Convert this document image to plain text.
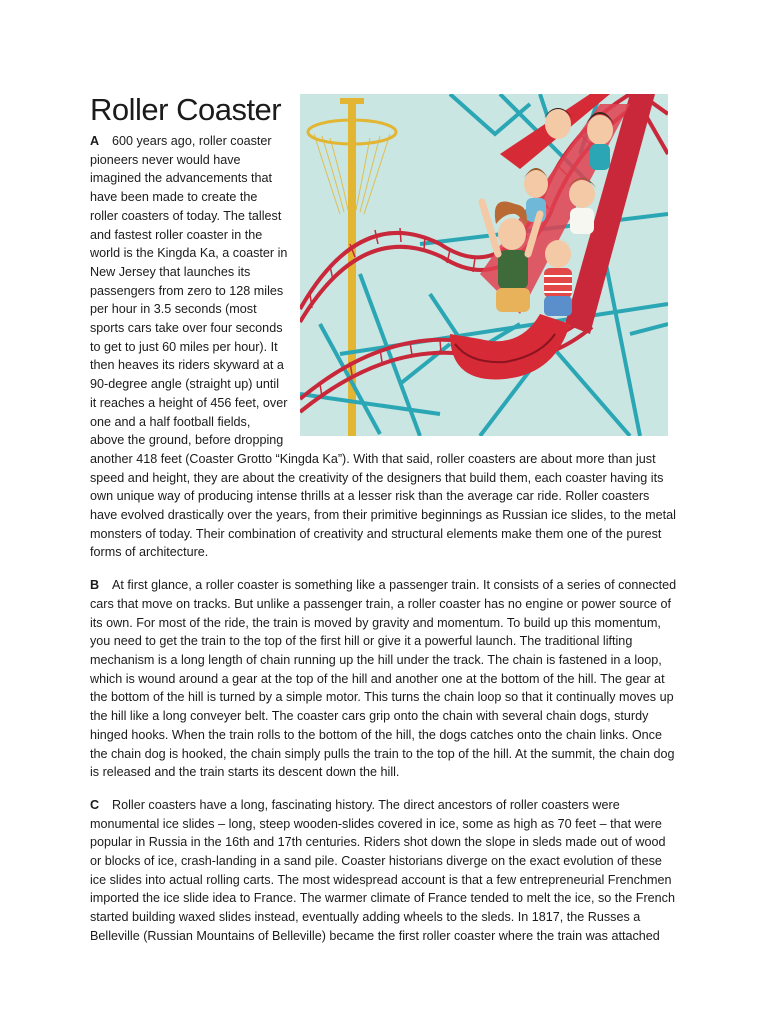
Roller Coaster

A 600 years ago, roller coaster pioneers never would have imagined the advancements that have been made to create the roller coasters of today. The tallest and fastest roller coaster in the world is the Kingda Ka, a coaster in New Jersey that launches its passengers from zero to 128 miles per hour in 3.5 seconds (most sports cars take over four seconds to get to just 60 miles per hour). It then heaves its riders skyward at a 90-degree angle (straight up) until it reaches a height of 456 feet, over one and a half football fields, above the ground, before dropping another 418 feet (Coaster Grotto “Kingda Ka”). With that said, roller coasters are about more than just speed and height, they are about the creativity of the designers that build them, each coaster having its own unique way of producing intense thrills at a lesser risk than the average car ride. Roller coasters have evolved drastically over the years, from their primitive beginnings as Russian ice slides, to the metal monsters of today. Their combination of creativity and structural elements make them one of the purest forms of architecture.

B At first glance, a roller coaster is something like a passenger train. It consists of a series of connected cars that move on tracks. But unlike a passenger train, a roller coaster has no engine or power source of its own. For most of the ride, the train is moved by gravity and momentum. To build up this momentum, you need to get the train to the top of the first hill or give it a powerful launch. The traditional lifting mechanism is a long length of chain running up the hill under the track. The chain is fastened in a loop, which is wound around a gear at the top of the hill and another one at the bottom of the hill. The gear at the bottom of the hill is turned by a simple motor. This turns the chain loop so that it continually moves up the hill like a long conveyer belt. The coaster cars grip onto the chain with several chain dogs, sturdy hinged hooks. When the train rolls to the bottom of the hill, the dogs catches onto the chain links. Once the chain dog is hooked, the chain simply pulls the train to the top of the hill. At the summit, the chain dog is released and the train starts its descent down the hill.

C Roller coasters have a long, fascinating history. The direct ancestors of roller coasters were monumental ice slides – long, steep wooden-slides covered in ice, some as high as 70 feet – that were popular in Russia in the 16th and 17th centuries. Riders shot down the slope in sleds made out of wood or blocks of ice, crash-landing in a sand pile. Coaster historians diverge on the exact evolution of these ice slides into actual rolling carts. The most widespread account is that a few entrepreneurial Frenchmen imported the ice slide idea to France. The warmer climate of France tended to melt the ice, so the French started building waxed slides instead, eventually adding wheels to the sleds. In 1817, the Russes a Belleville (Russian Mountains of Belleville) became the first roller coaster where the train was attached
